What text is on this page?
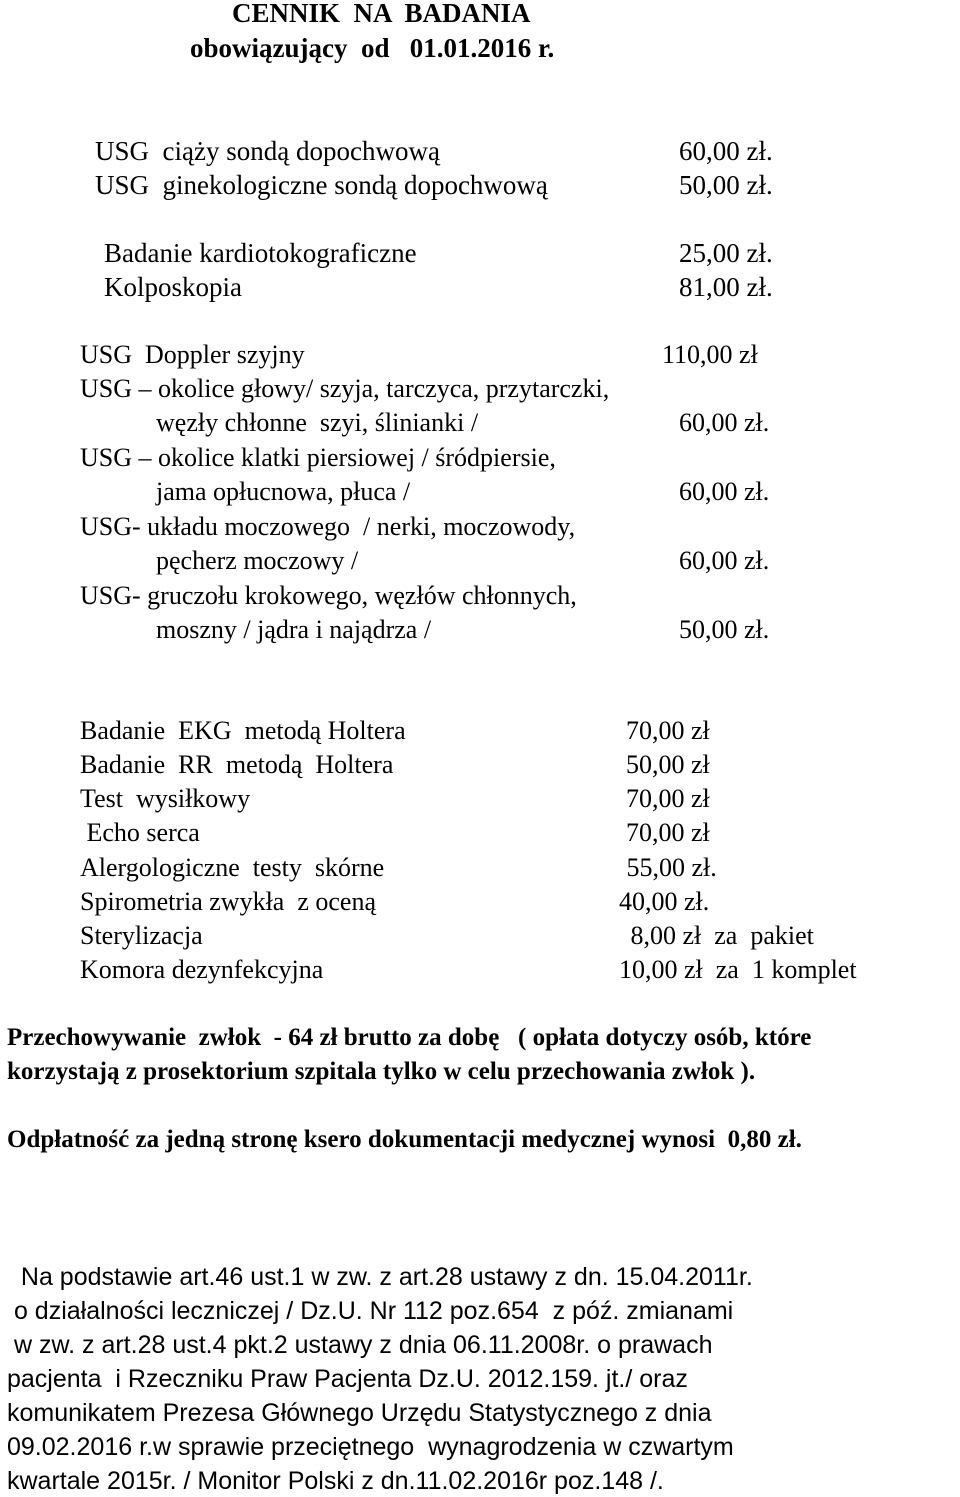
CENNIK  NA  BADANIA
obowiązujący  od   01.01.2016 r.
USG  ciąży sondą dopochwową	60,00 zł.
USG  ginekologiczne sondą dopochwową	50,00 zł.
Badanie kardiotokograficzne	25,00 zł.
Kolposkopia	81,00 zł.
USG  Doppler szyjny	110,00 zł
USG – okolice głowy/ szyja, tarczyca, przytarczki,
węzły chłonne  szyi, ślinianki /	60,00 zł.
USG – okolice klatki piersiowej / śródpiersie,
jama opłucnowa, płuca /	60,00 zł.
USG- układu moczowego  / nerki, moczowody,
pęcherz moczowy /	60,00 zł.
USG- gruczołu krokowego, węzłów chłonnych,
moszny / jądra i najądrza /	50,00 zł.
Badanie  EKG  metodą Holtera	70,00 zł
Badanie  RR  metodą  Holtera	50,00 zł
Test  wysiłkowy	70,00 zł
Echo serca	70,00 zł
Alergologiczne  testy  skórne	55,00 zł.
Spirometria zwykła  z oceną	40,00 zł.
Sterylizacja	8,00 zł  za  pakiet
Komora dezynfekcyjna	10,00 zł  za  1 komplet
Przechowywanie  zwłok  - 64 zł brutto za dobę   ( opłata dotyczy osób, które
korzystają z prosektorium szpitala tylko w celu przechowania zwłok ).
Odpłatność za jedną stronę ksero dokumentacji medycznej wynosi  0,80 zł.
Na podstawie art.46 ust.1 w zw. z art.28 ustawy z dn. 15.04.2011r.
o działalności leczniczej / Dz.U. Nr 112 poz.654  z póź. zmianami
w zw. z art.28 ust.4 pkt.2 ustawy z dnia 06.11.2008r. o prawach
pacjenta  i Rzeczniku Praw Pacjenta Dz.U. 2012.159. jt./ oraz
komunikatem Prezesa Głównego Urzędu Statystycznego z dnia
09.02.2016 r.w sprawie przeciętnego  wynagrodzenia w czwartym
kwartale 2015r. / Monitor Polski z dn.11.02.2016r poz.148 /.
